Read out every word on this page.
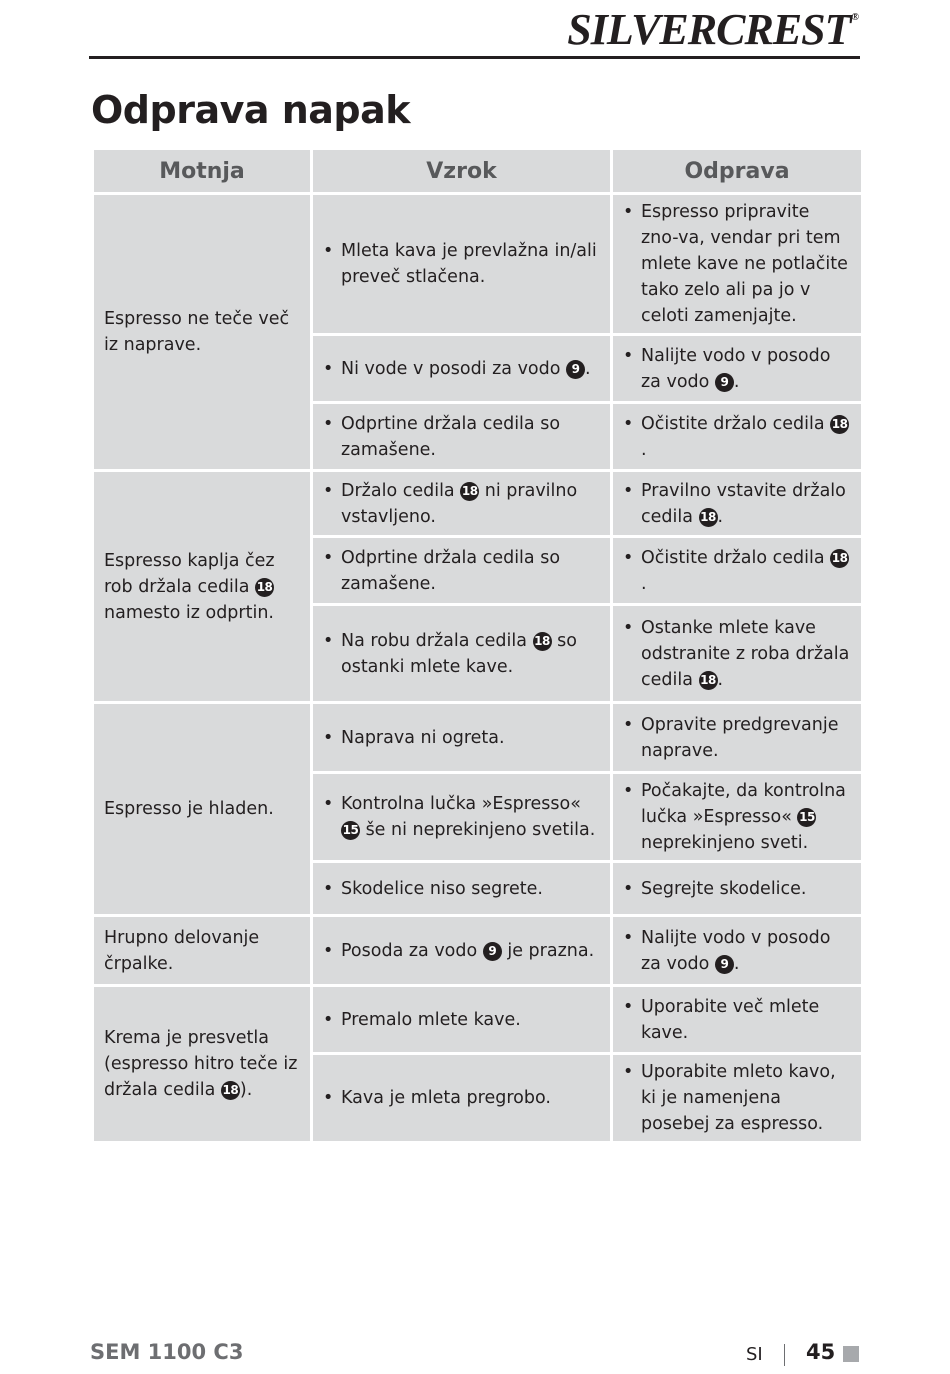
SILVERCREST®
Odprava napak
Motnja	Vzrok	Odprava
Espresso ne teče več iz naprave.	• Mleta kava je prevlažna in/ali preveč stlačena.	• Espresso pripravite zno-va, vendar pri tem mlete kave ne potlačite tako zelo ali pa jo v celoti zamenjajte.

	• Ni vode v posodi za vodo 9 .	• Nalijte vodo v posodo za vodo 9 .

	• Odprtine držala cedila so zamašene.	• Očistite držalo cedila 18.

Espresso kaplja čez rob držala cedila 18 namesto iz odprtin.	• Držalo cedila 18 ni pravilno vstavljeno.	• Pravilno vstavite držalo cedila 18.

	• Odprtine držala cedila so zamašene.	• Očistite držalo cedila 18.

	• Na robu držala cedila 18 so ostanki mlete kave.	• Ostanke mlete kave odstranite z roba držala cedila 18.

Espresso je hladen.	• Naprava ni ogreta.	• Opravite predgrevanje naprave.

	• Kontrolna lučka »Espresso« 15 še ni neprekinjeno svetila.	• Počakajte, da kontrolna lučka »Espresso« 15 neprekinjeno sveti.

	• Skodelice niso segrete.	• Segrejte skodelice.

Hrupno delovanje črpalke.	• Posoda za vodo 9 je prazna.	• Nalijte vodo v posodo za vodo 9 .

Krema je presvetla (espresso hitro teče iz držala cedila 18).	• Premalo mlete kave.	• Uporabite več mlete kave.

	• Kava je mleta pregrobo.	• Uporabite mleto kavo, ki je namenjena posebej za espresso.
SEM 1100 C3	SI 45
